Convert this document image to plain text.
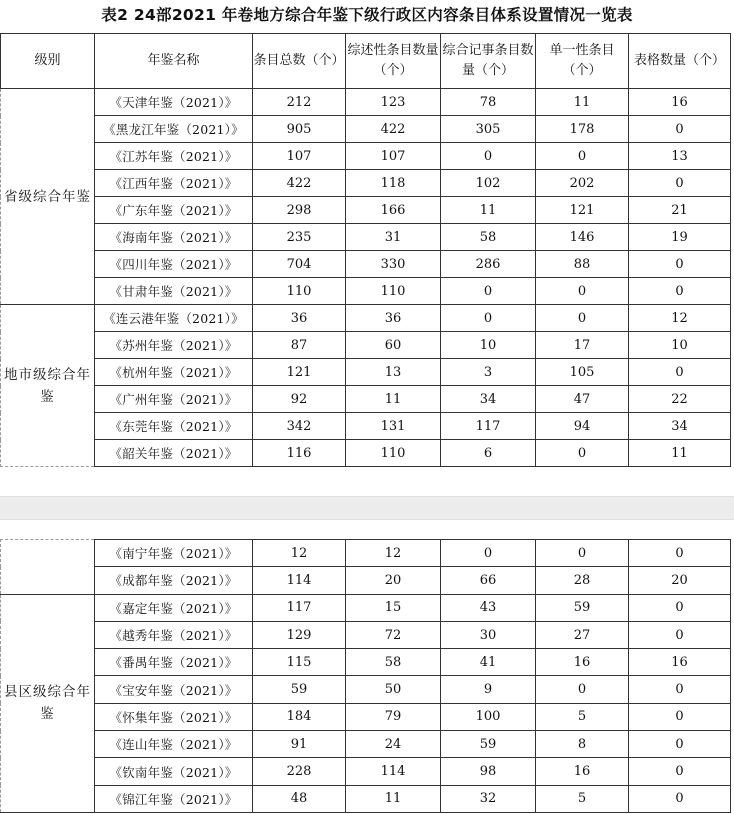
表2 24部2021 年卷地方综合年鉴下级行政区内容条目体系设置情况一览表
级别	年鉴名称	条目总数（个）	综述性条目数量（个）	综合记事条目数量（个）	单一性条目（个）	表格数量（个）
省级综合年鉴	《天津年鉴（2021）》	212	123	78	11	16
	《黑龙江年鉴（2021）》	905	422	305	178	0
	《江苏年鉴（2021）》	107	107	0	0	13
	《江西年鉴（2021）》	422	118	102	202	0
	《广东年鉴（2021）》	298	166	11	121	21
	《海南年鉴（2021）》	235	31	58	146	19
	《四川年鉴（2021）》	704	330	286	88	0
	《甘肃年鉴（2021）》	110	110	0	0	0
地市级综合年鉴	《连云港年鉴（2021）》	36	36	0	0	12
	《苏州年鉴（2021）》	87	60	10	17	10
	《杭州年鉴（2021）》	121	13	3	105	0
	《广州年鉴（2021）》	92	11	34	47	22
	《东莞年鉴（2021）》	342	131	117	94	34
	《韶关年鉴（2021）》	116	110	6	0	11
	《南宁年鉴（2021）》	12	12	0	0	0
	《成都年鉴（2021）》	114	20	66	28	20
县区级综合年鉴	《嘉定年鉴（2021）》	117	15	43	59	0
	《越秀年鉴（2021）》	129	72	30	27	0
	《番禺年鉴（2021）》	115	58	41	16	16
	《宝安年鉴（2021）》	59	50	9	0	0
	《怀集年鉴（2021）》	184	79	100	5	0
	《连山年鉴（2021）》	91	24	59	8	0
	《钦南年鉴（2021）》	228	114	98	16	0
	《锦江年鉴（2021）》	48	11	32	5	0
